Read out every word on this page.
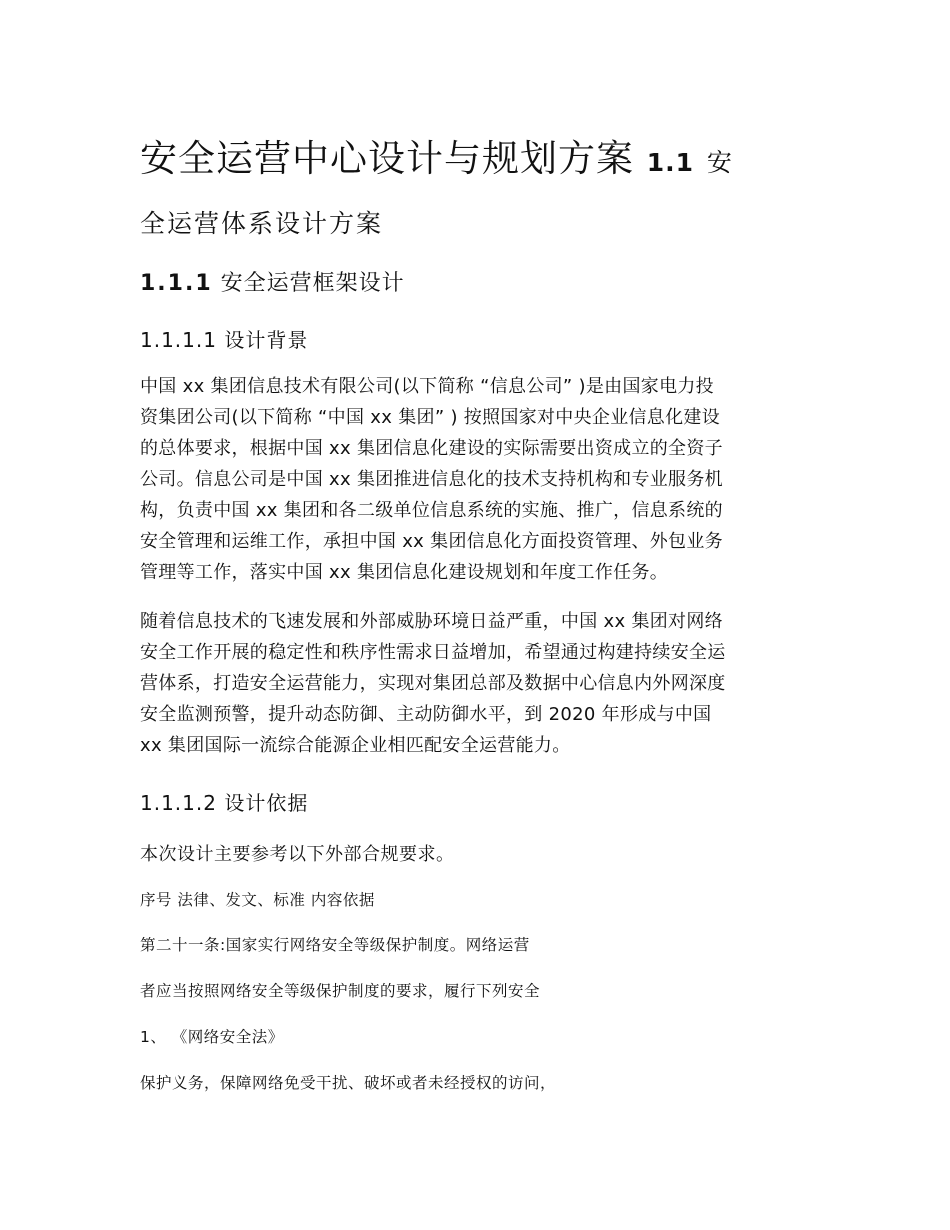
安全运营中心设计与规划方案 1.1 安
全运营体系设计方案
1.1.1 安全运营框架设计
1.1.1.1 设计背景
中国 xx 集团信息技术有限公司(以下简称 “信息公司” )是由国家电力投
资集团公司(以下简称 “中国 xx 集团” ) 按照国家对中央企业信息化建设
的总体要求，根据中国 xx 集团信息化建设的实际需要出资成立的全资子
公司。信息公司是中国 xx 集团推进信息化的技术支持机构和专业服务机
构，负责中国 xx 集团和各二级单位信息系统的实施、推广，信息系统的
安全管理和运维工作，承担中国 xx 集团信息化方面投资管理、外包业务
管理等工作，落实中国 xx 集团信息化建设规划和年度工作任务。
随着信息技术的飞速发展和外部威胁环境日益严重，中国 xx 集团对网络
安全工作开展的稳定性和秩序性需求日益增加，希望通过构建持续安全运
营体系，打造安全运营能力，实现对集团总部及数据中心信息内外网深度
安全监测预警，提升动态防御、主动防御水平，到 2020 年形成与中国
xx 集团国际一流综合能源企业相匹配安全运营能力。
1.1.1.2 设计依据
本次设计主要参考以下外部合规要求。
序号 法律、发文、标准 内容依据
第二十一条:国家实行网络安全等级保护制度。网络运营
者应当按照网络安全等级保护制度的要求，履行下列安全
1、 《网络安全法》
保护义务，保障网络免受干扰、破坏或者未经授权的访问，
